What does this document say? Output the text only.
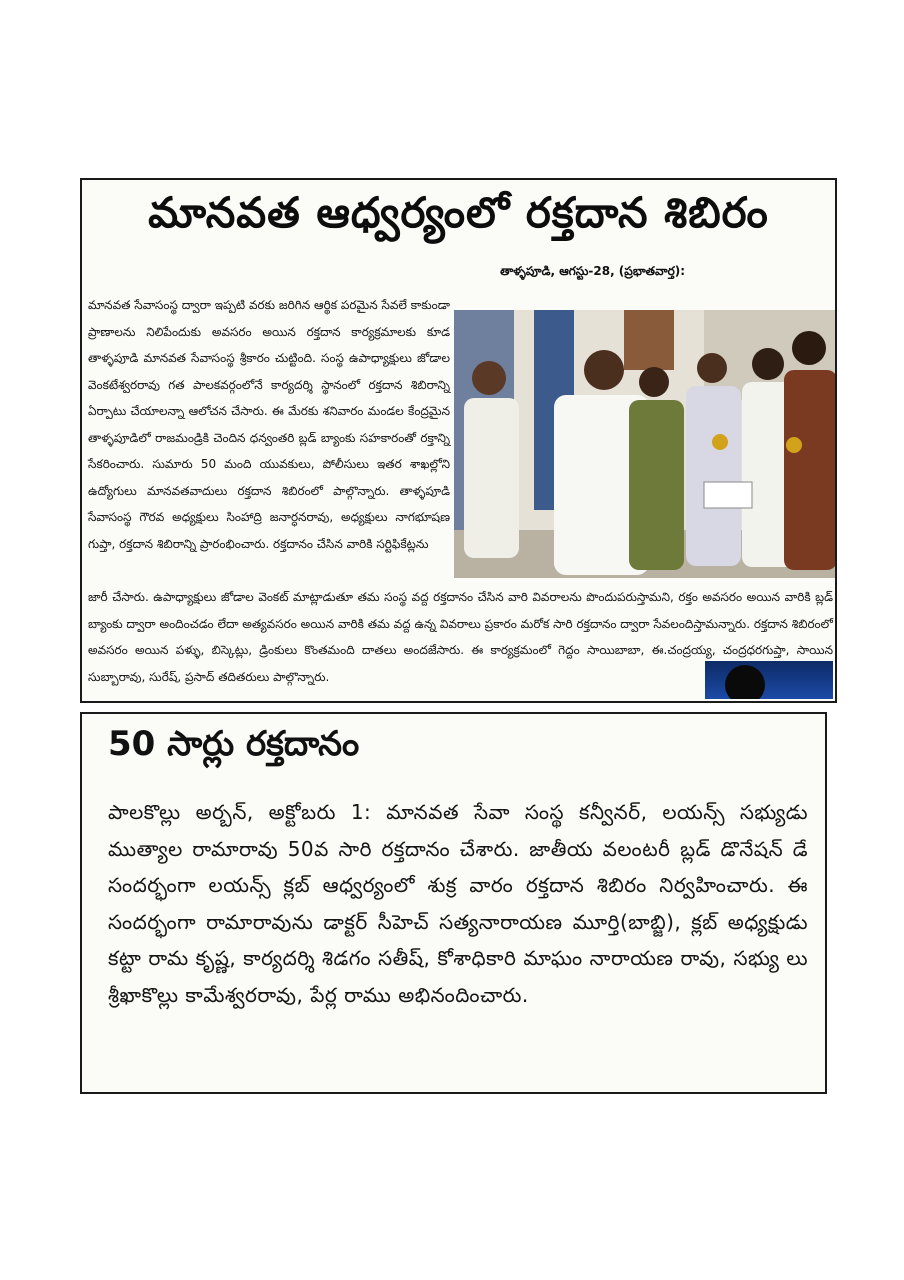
మానవత ఆధ్వర్యంలో రక్తదాన శిబిరం
తాళ్ళపూడి, ఆగస్టు-28, (ప్రభాతవార్త):
మానవత సేవాసంస్థ ద్వారా ఇప్పటి వరకు జరిగిన ఆర్థిక పరమైన సేవలే కాకుండా ప్రాణాలను నిలిపేందుకు అవసరం అయిన రక్తదాన కార్యక్రమాలకు కూడ తాళ్ళపూడి మానవత సేవాసంస్థ శ్రీకారం చుట్టింది. సంస్థ ఉపాధ్యాక్షులు జోడాల వెంకటేశ్వరరావు గత పాలకవర్గంలోనే కార్యదర్శి స్థానంలో రక్తదాన శిబిరాన్ని ఏర్పాటు చేయాలన్నా ఆలోచన చేసారు. ఈ మేరకు శనివారం మండల కేంద్రమైన తాళ్ళపూడిలో రాజమండ్రికి చెందిన ధన్వంతరి బ్లడ్ బ్యాంకు సహకారంతో రక్తాన్ని సేకరించారు. సుమారు 50 మంది యువకులు, పోలీసులు ఇతర శాఖల్లోని ఉద్యోగులు మానవతవాదులు రక్తదాన శిబిరంలో పాల్గొన్నారు. తాళ్ళపూడి సేవాసంస్థ గౌరవ అధ్యక్షులు సింహాద్రి జనార్ధనరావు, అధ్యక్షులు నాగభూషణ గుప్తా, రక్తదాన శిబిరాన్ని ప్రారంభించారు. రక్తదానం చేసిన వారికి సర్టిఫికేట్లను
జారీ చేసారు. ఉపాధ్యాక్షులు జోడాల వెంకట్ మాట్లాడుతూ తమ సంస్థ వద్ద రక్తదానం చేసిన వారి వివరాలను పొందుపరుస్తామని, రక్తం అవసరం అయిన వారికి బ్లడ్ బ్యాంకు ద్వారా అందించడం లేదా అత్యవసరం అయిన వారికి తమ వద్ద ఉన్న వివరాలు ప్రకారం మరోక సారి రక్తదానం ద్వారా సేవలందిస్తామన్నారు. రక్తదాన శిబిరంలో అవసరం అయిన పళ్ళు, బిస్కెట్లు, డ్రింకులు కొంతమంది దాతలు అందజేసారు. ఈ కార్యక్రమంలో గెద్దం సాయిబాబా, ఈ.చంద్రయ్య, చంద్రధరగుప్తా, సాయిన సుబ్బారావు, సురేష్, ప్రసాద్ తదితరులు పాల్గొన్నారు.
50 సార్లు రక్తదానం
పాలకొల్లు అర్బన్, అక్టోబరు 1: మానవత సేవా సంస్థ కన్వీనర్, లయన్స్ సభ్యుడు ముత్యాల రామారావు 50వ సారి రక్తదానం చేశారు. జాతీయ వలంటరీ బ్లడ్ డొనేషన్ డే సందర్భంగా లయన్స్ క్లబ్ ఆధ్వర్యంలో శుక్ర వారం రక్తదాన శిబిరం నిర్వహించారు. ఈ సందర్భంగా రామారావును డాక్టర్ సీహెచ్ సత్యనారాయణ మూర్తి(బాబ్జి), క్లబ్ అధ్యక్షుడు కట్టా రామ కృష్ణ, కార్యదర్శి శిడగం సతీష్, కోశాధికారి మాఘం నారాయణ రావు, సభ్యు లు శ్రీఖాకొల్లు కామేశ్వరరావు, పేర్ల రాము అభినందించారు.
